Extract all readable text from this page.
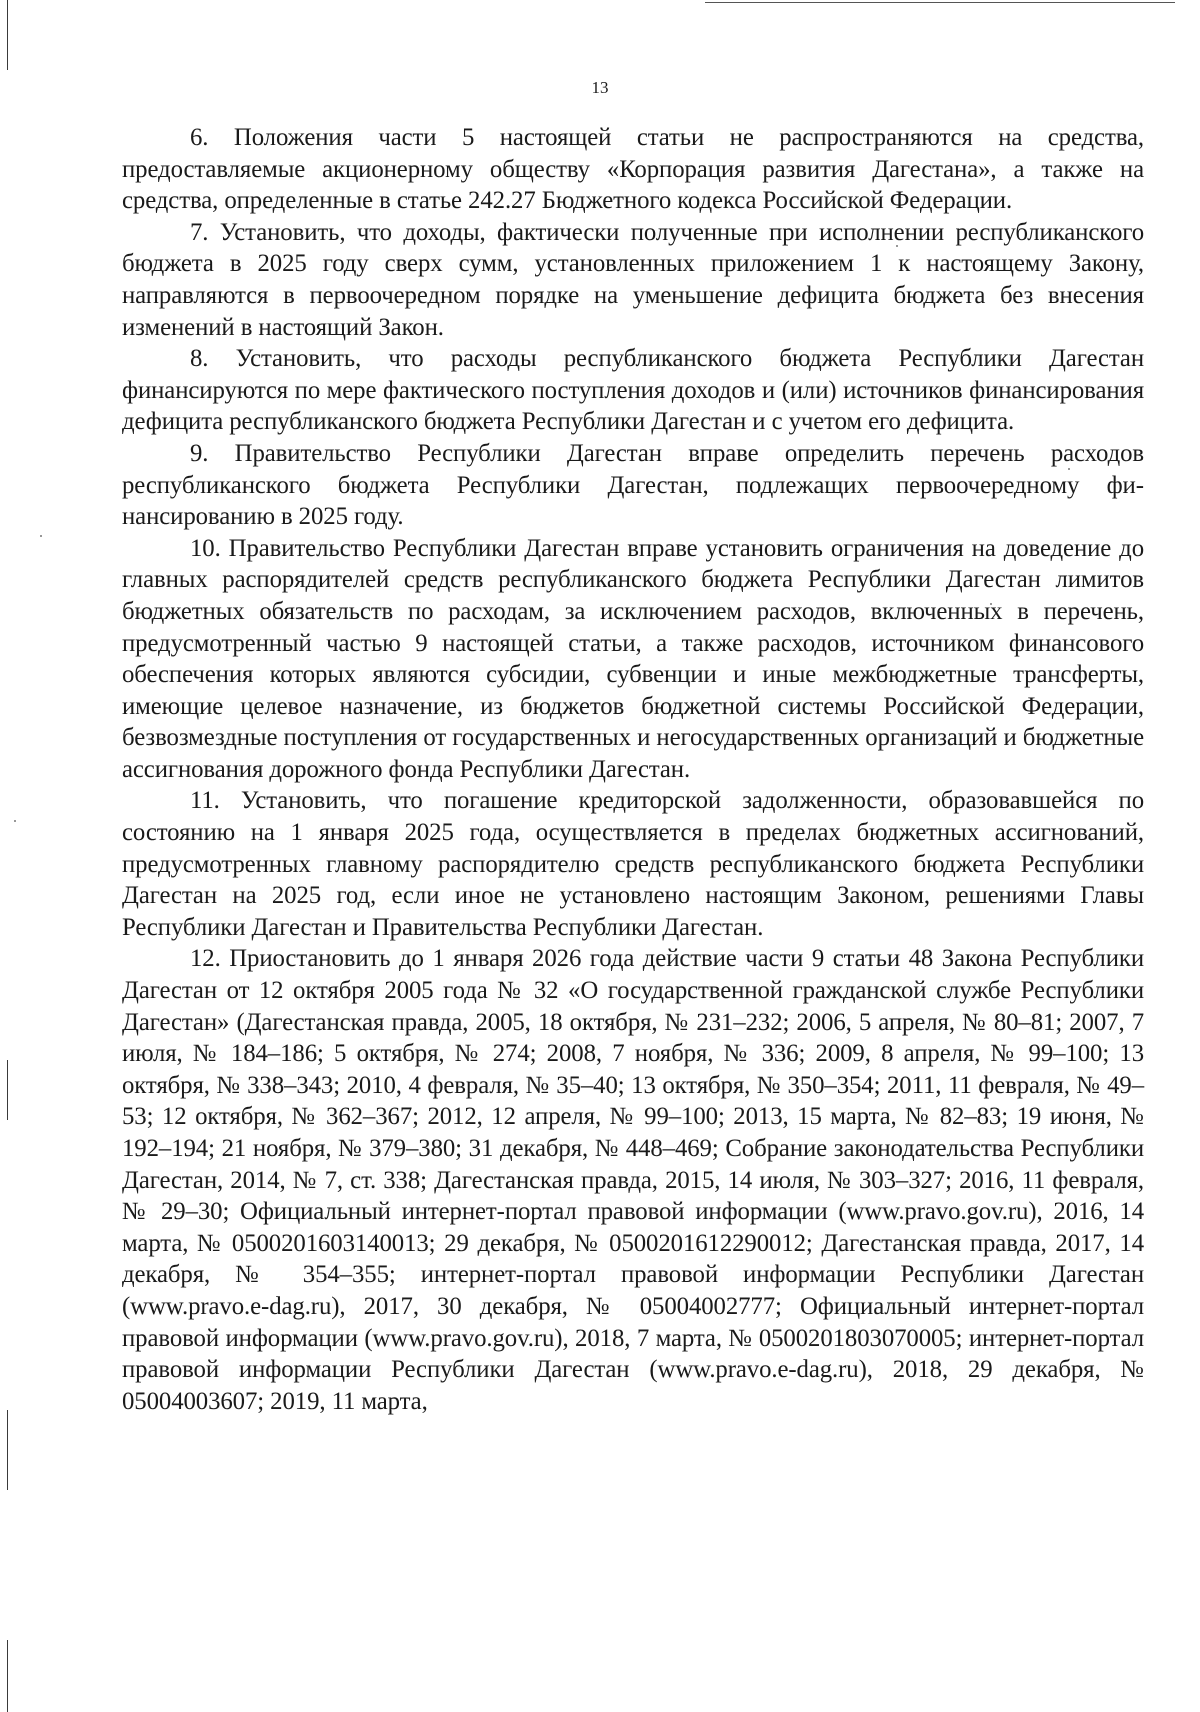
13

6. Положения части 5 настоящей статьи не распространяются на средства, предоставляемые акционерному обществу «Корпорация развития Дагестана», а также на средства, определенные в статье 242.27 Бюджетного кодекса Российской Федерации.

7. Установить, что доходы, фактически полученные при исполнении республиканского бюджета в 2025 году сверх сумм, установленных приложением 1 к настоящему Закону, направляются в первоочередном порядке на уменьшение дефицита бюджета без внесения изменений в настоящий Закон.

8. Установить, что расходы республиканского бюджета Республики Дагестан финансируются по мере фактического поступления доходов и (или) источников финансирования дефицита республиканского бюджета Республики Дагестан и с учетом его дефицита.

9. Правительство Республики Дагестан вправе определить перечень расходов республиканского бюджета Республики Дагестан, подлежащих первоочередному финансированию в 2025 году.

10. Правительство Республики Дагестан вправе установить ограничения на доведение до главных распорядителей средств республиканского бюджета Республики Дагестан лимитов бюджетных обязательств по расходам, за исключением расходов, включенных в перечень, предусмотренный частью 9 настоящей статьи, а также расходов, источником финансового обеспечения которых являются субсидии, субвенции и иные межбюджетные трансферты, имеющие целевое назначение, из бюджетов бюджетной системы Российской Федерации, безвозмездные поступления от государственных и негосударственных организаций и бюджетные ассигнования дорожного фонда Республики Дагестан.

11. Установить, что погашение кредиторской задолженности, образовавшейся по состоянию на 1 января 2025 года, осуществляется в пределах бюджетных ассигнований, предусмотренных главному распорядителю средств республиканского бюджета Республики Дагестан на 2025 год, если иное не установлено настоящим Законом, решениями Главы Республики Дагестан и Правительства Республики Дагестан.

12. Приостановить до 1 января 2026 года действие части 9 статьи 48 Закона Республики Дагестан от 12 октября 2005 года № 32 «О государственной гражданской службе Республики Дагестан» (Дагестанская правда, 2005, 18 октября, № 231–232; 2006, 5 апреля, № 80–81; 2007, 7 июля, № 184–186; 5 октября, № 274; 2008, 7 ноября, № 336; 2009, 8 апреля, № 99–100; 13 октября, № 338–343; 2010, 4 февраля, № 35–40; 13 октября, № 350–354; 2011, 11 февраля, № 49–53; 12 октября, № 362–367; 2012, 12 апреля, № 99–100; 2013, 15 марта, № 82–83; 19 июня, № 192–194; 21 ноября, № 379–380; 31 декабря, № 448–469; Собрание законодательства Республики Дагестан, 2014, № 7, ст. 338; Дагестанская правда, 2015, 14 июля, № 303–327; 2016, 11 февраля, № 29–30; Официальный интернет-портал правовой информации (www.pravo.gov.ru), 2016, 14 марта, № 0500201603140013; 29 декабря, № 0500201612290012; Дагестанская правда, 2017, 14 декабря, № 354–355; интернет-портал правовой информации Республики Дагестан (www.pravo.e-dag.ru), 2017, 30 декабря, № 05004002777; Официальный интернет-портал правовой информации (www.pravo.gov.ru), 2018, 7 марта, № 0500201803070005; интернет-портал правовой информации Республики Дагестан (www.pravo.e-dag.ru), 2018, 29 декабря, № 05004003607; 2019, 11 марта,
